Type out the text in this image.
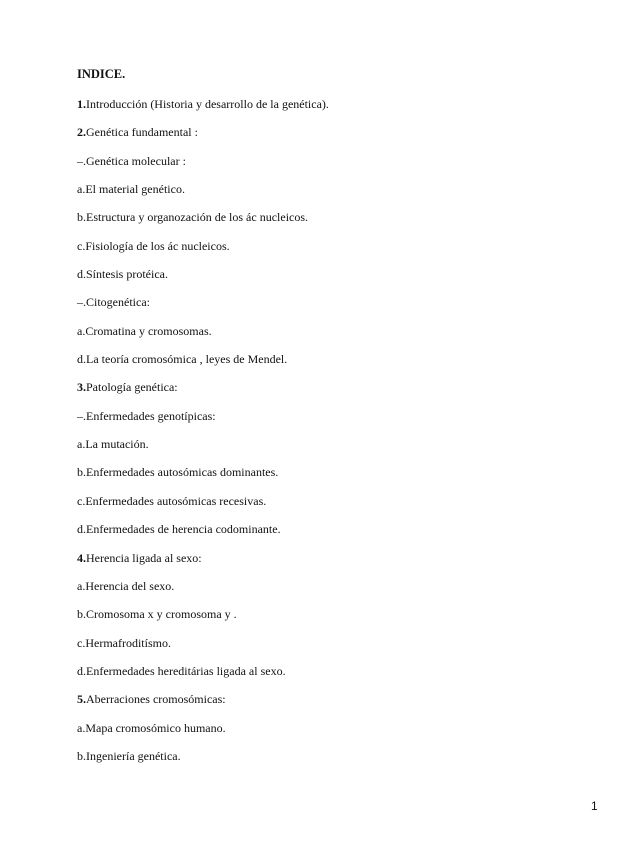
INDICE.
1.Introducción (Historia y desarrollo de la genética).
2.Genética fundamental :
–.Genética molecular :
a.El material genético.
b.Estructura y organozación de los ác nucleicos.
c.Fisiología de los ác nucleicos.
d.Síntesis protéica.
–.Citogenética:
a.Cromatina y cromosomas.
d.La teoría cromosómica , leyes de Mendel.
3.Patología genética:
–.Enfermedades genotípicas:
a.La mutación.
b.Enfermedades autosómicas dominantes.
c.Enfermedades autosómicas recesivas.
d.Enfermedades de herencia codominante.
4.Herencia ligada al sexo:
a.Herencia del sexo.
b.Cromosoma x y cromosoma y .
c.Hermafroditísmo.
d.Enfermedades hereditárias ligada al sexo.
5.Aberraciones cromosómicas:
a.Mapa cromosómico humano.
b.Ingeniería genética.
1
